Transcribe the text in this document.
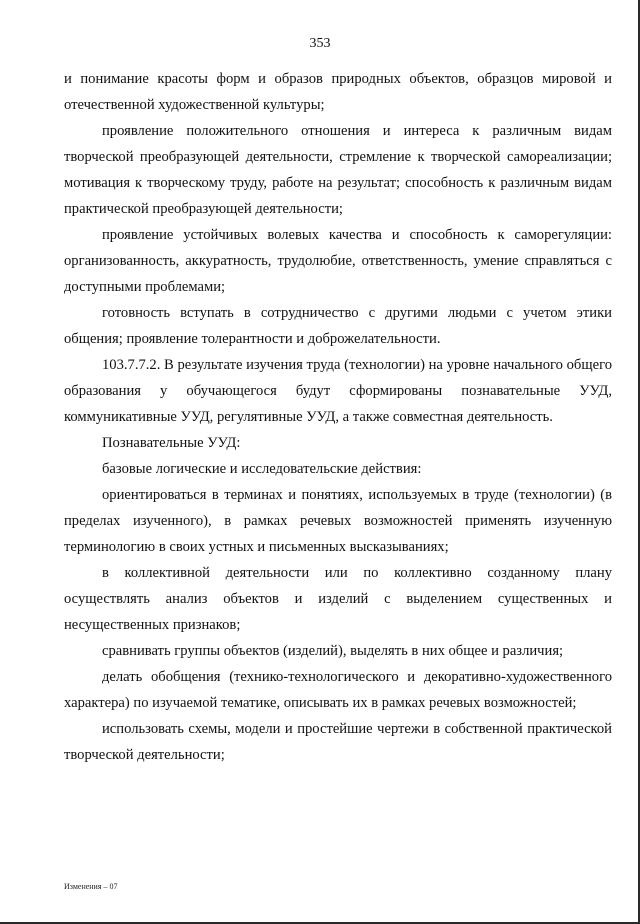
353

и понимание красоты форм и образов природных объектов, образцов мировой и отечественной художественной культуры;

проявление положительного отношения и интереса к различным видам творческой преобразующей деятельности, стремление к творческой самореализации; мотивация к творческому труду, работе на результат; способность к различным видам практической преобразующей деятельности;

проявление устойчивых волевых качества и способность к саморегуляции: организованность, аккуратность, трудолюбие, ответственность, умение справляться с доступными проблемами;

готовность вступать в сотрудничество с другими людьми с учетом этики общения; проявление толерантности и доброжелательности.

103.7.7.2. В результате изучения труда (технологии) на уровне начального общего образования у обучающегося будут сформированы познавательные УУД, коммуникативные УУД, регулятивные УУД, а также совместная деятельность.

Познавательные УУД:

базовые логические и исследовательские действия:

ориентироваться в терминах и понятиях, используемых в труде (технологии) (в пределах изученного), в рамках речевых возможностей применять изученную терминологию в своих устных и письменных высказываниях;

в коллективной деятельности или по коллективно созданному плану осуществлять анализ объектов и изделий с выделением существенных и несущественных признаков;

сравнивать группы объектов (изделий), выделять в них общее и различия;

делать обобщения (технико-технологического и декоративно-художественного характера) по изучаемой тематике, описывать их в рамках речевых возможностей;

использовать схемы, модели и простейшие чертежи в собственной практической творческой деятельности;

Изменения – 07
